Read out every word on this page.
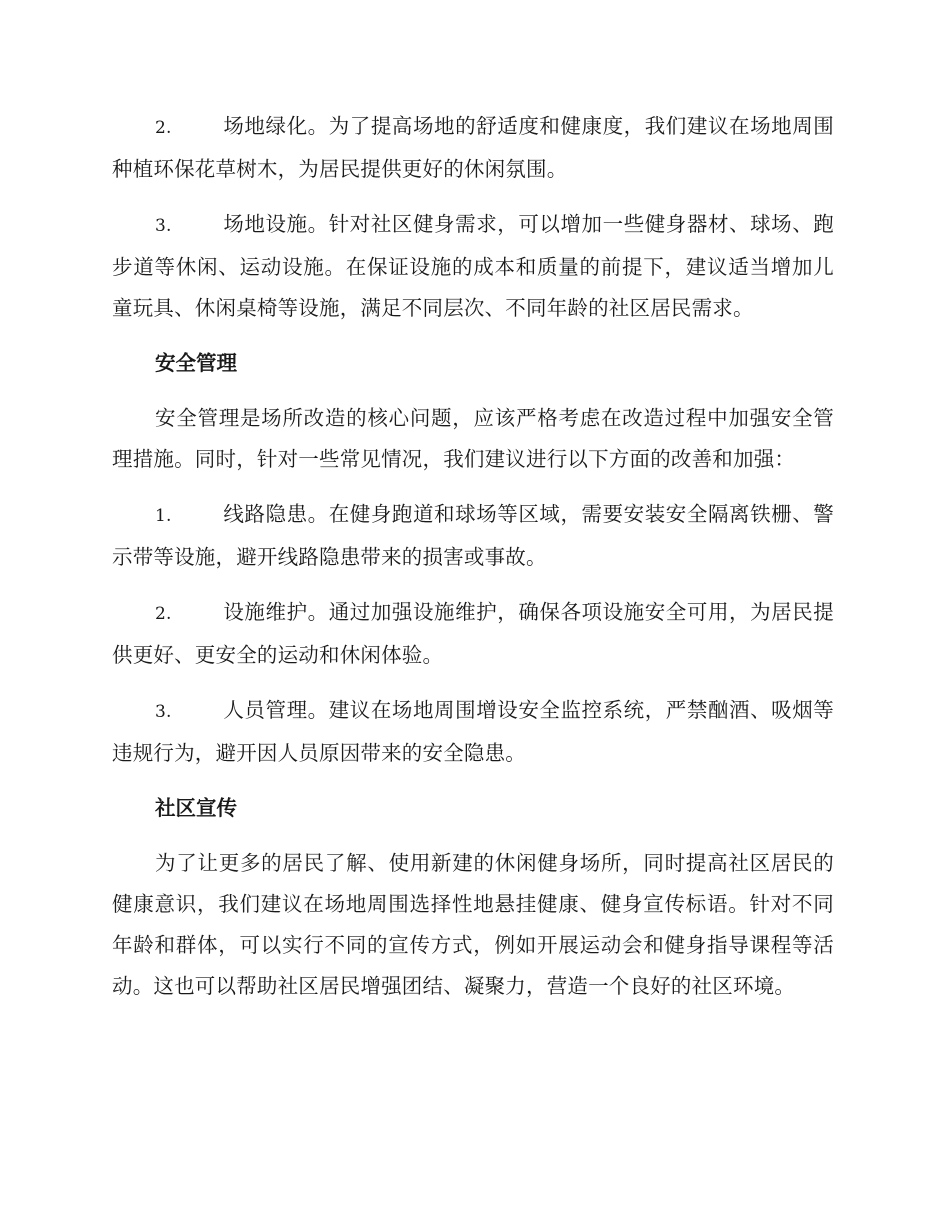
2.	场地绿化。为了提高场地的舒适度和健康度，我们建议在场地周围种植环保花草树木，为居民提供更好的休闲氛围。
3.	场地设施。针对社区健身需求，可以增加一些健身器材、球场、跑步道等休闲、运动设施。在保证设施的成本和质量的前提下，建议适当增加儿童玩具、休闲桌椅等设施，满足不同层次、不同年龄的社区居民需求。
安全管理
安全管理是场所改造的核心问题，应该严格考虑在改造过程中加强安全管理措施。同时，针对一些常见情况，我们建议进行以下方面的改善和加强：
1.	线路隐患。在健身跑道和球场等区域，需要安装安全隔离铁栅、警示带等设施，避开线路隐患带来的损害或事故。
2.	设施维护。通过加强设施维护，确保各项设施安全可用，为居民提供更好、更安全的运动和休闲体验。
3.	人员管理。建议在场地周围增设安全监控系统，严禁酗酒、吸烟等违规行为，避开因人员原因带来的安全隐患。
社区宣传
为了让更多的居民了解、使用新建的休闲健身场所，同时提高社区居民的健康意识，我们建议在场地周围选择性地悬挂健康、健身宣传标语。针对不同年龄和群体，可以实行不同的宣传方式，例如开展运动会和健身指导课程等活动。这也可以帮助社区居民增强团结、凝聚力，营造一个良好的社区环境。
